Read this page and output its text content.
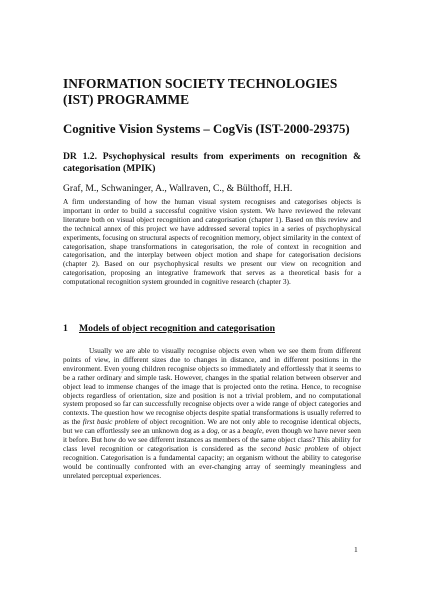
INFORMATION SOCIETY TECHNOLOGIES (IST) PROGRAMME
Cognitive Vision Systems – CogVis (IST-2000-29375)
DR 1.2. Psychophysical results from experiments on recognition & categorisation (MPIK)
Graf, M., Schwaninger, A., Wallraven, C., & Bülthoff, H.H.
A firm understanding of how the human visual system recognises and categorises objects is important in order to build a successful cognitive vision system. We have reviewed the relevant literature both on visual object recognition and categorisation (chapter 1). Based on this review and the technical annex of this project we have addressed several topics in a series of psychophysical experiments, focusing on structural aspects of recognition memory, object similarity in the context of categorisation, shape transformations in categorisation, the role of context in recognition and categorisation, and the interplay between object motion and shape for categorisation decisions (chapter 2). Based on our psychophysical results we present our view on recognition and categorisation, proposing an integrative framework that serves as a theoretical basis for a computational recognition system grounded in cognitive research (chapter 3).
1 Models of object recognition and categorisation
Usually we are able to visually recognise objects even when we see them from different points of view, in different sizes due to changes in distance, and in different positions in the environment. Even young children recognise objects so immediately and effortlessly that it seems to be a rather ordinary and simple task. However, changes in the spatial relation between observer and object lead to immense changes of the image that is projected onto the retina. Hence, to recognise objects regardless of orientation, size and position is not a trivial problem, and no computational system proposed so far can successfully recognise objects over a wide range of object categories and contexts. The question how we recognise objects despite spatial transformations is usually referred to as the first basic problem of object recognition. We are not only able to recognise identical objects, but we can effortlessly see an unknown dog as a dog, or as a beagle, even though we have never seen it before. But how do we see different instances as members of the same object class? This ability for class level recognition or categorisation is considered as the second basic problem of object recognition. Categorisation is a fundamental capacity; an organism without the ability to categorise would be continually confronted with an ever-changing array of seemingly meaningless and unrelated perceptual experiences.
1
